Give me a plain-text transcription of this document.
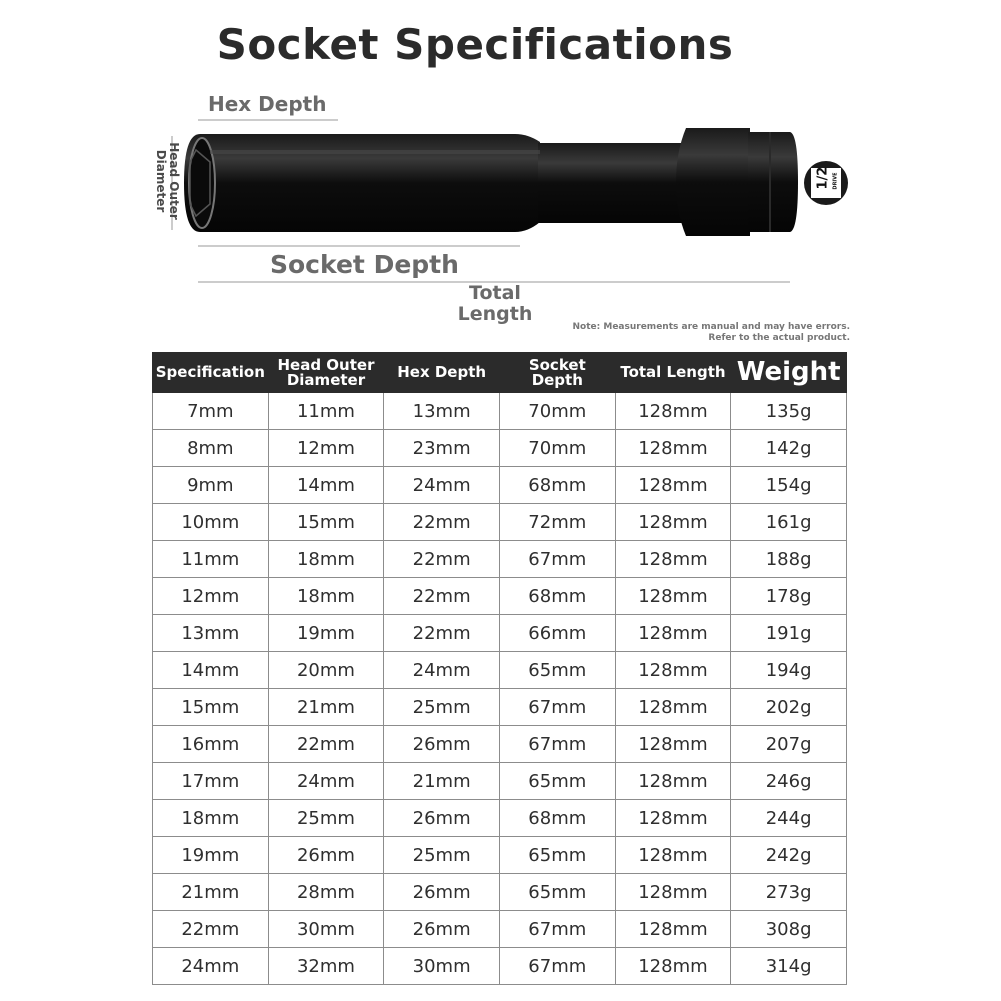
Socket Specifications
1/2 DRIVE
Hex Depth
Socket Depth
Total Length
Head Outer Diameter
Note: Measurements are manual and may have errors.
Refer to the actual product.
Specification	Head Outer Diameter	Hex Depth	Socket Depth	Total Length	Weight
7mm	11mm	13mm	70mm	128mm	135g
8mm	12mm	23mm	70mm	128mm	142g
9mm	14mm	24mm	68mm	128mm	154g
10mm	15mm	22mm	72mm	128mm	161g
11mm	18mm	22mm	67mm	128mm	188g
12mm	18mm	22mm	68mm	128mm	178g
13mm	19mm	22mm	66mm	128mm	191g
14mm	20mm	24mm	65mm	128mm	194g
15mm	21mm	25mm	67mm	128mm	202g
16mm	22mm	26mm	67mm	128mm	207g
17mm	24mm	21mm	65mm	128mm	246g
18mm	25mm	26mm	68mm	128mm	244g
19mm	26mm	25mm	65mm	128mm	242g
21mm	28mm	26mm	65mm	128mm	273g
22mm	30mm	26mm	67mm	128mm	308g
24mm	32mm	30mm	67mm	128mm	314g
